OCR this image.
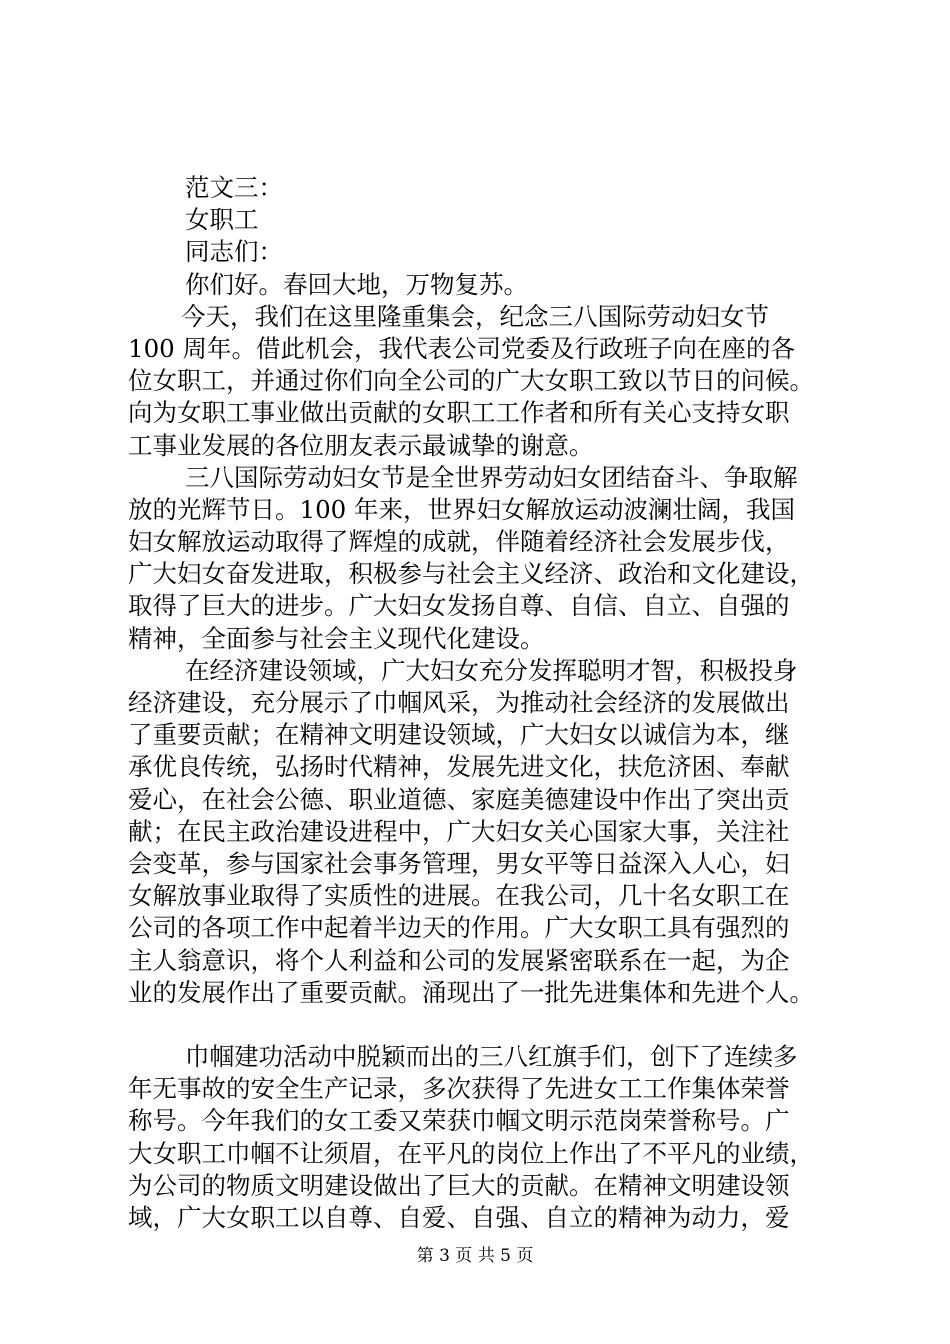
范文三：
女职工
同志们：
你们好。春回大地，万物复苏。
今天，我们在这里隆重集会，纪念三八国际劳动妇女节
100 周年。借此机会，我代表公司党委及行政班子向在座的各
位女职工，并通过你们向全公司的广大女职工致以节日的问候。
向为女职工事业做出贡献的女职工工作者和所有关心支持女职
工事业发展的各位朋友表示最诚挚的谢意。
三八国际劳动妇女节是全世界劳动妇女团结奋斗、争取解
放的光辉节日。100 年来，世界妇女解放运动波澜壮阔，我国
妇女解放运动取得了辉煌的成就，伴随着经济社会发展步伐，
广大妇女奋发进取，积极参与社会主义经济、政治和文化建设，
取得了巨大的进步。广大妇女发扬自尊、自信、自立、自强的
精神，全面参与社会主义现代化建设。
在经济建设领域，广大妇女充分发挥聪明才智，积极投身
经济建设，充分展示了巾帼风采，为推动社会经济的发展做出
了重要贡献；在精神文明建设领域，广大妇女以诚信为本，继
承优良传统，弘扬时代精神，发展先进文化，扶危济困、奉献
爱心，在社会公德、职业道德、家庭美德建设中作出了突出贡
献；在民主政治建设进程中，广大妇女关心国家大事，关注社
会变革，参与国家社会事务管理，男女平等日益深入人心，妇
女解放事业取得了实质性的进展。在我公司，几十名女职工在
公司的各项工作中起着半边天的作用。广大女职工具有强烈的
主人翁意识，将个人利益和公司的发展紧密联系在一起，为企
业的发展作出了重要贡献。涌现出了一批先进集体和先进个人。
巾帼建功活动中脱颖而出的三八红旗手们，创下了连续多
年无事故的安全生产记录，多次获得了先进女工工作集体荣誉
称号。今年我们的女工委又荣获巾帼文明示范岗荣誉称号。广
大女职工巾帼不让须眉，在平凡的岗位上作出了不平凡的业绩，
为公司的物质文明建设做出了巨大的贡献。在精神文明建设领
域，广大女职工以自尊、自爱、自强、自立的精神为动力，爱
第 3 页 共 5 页
